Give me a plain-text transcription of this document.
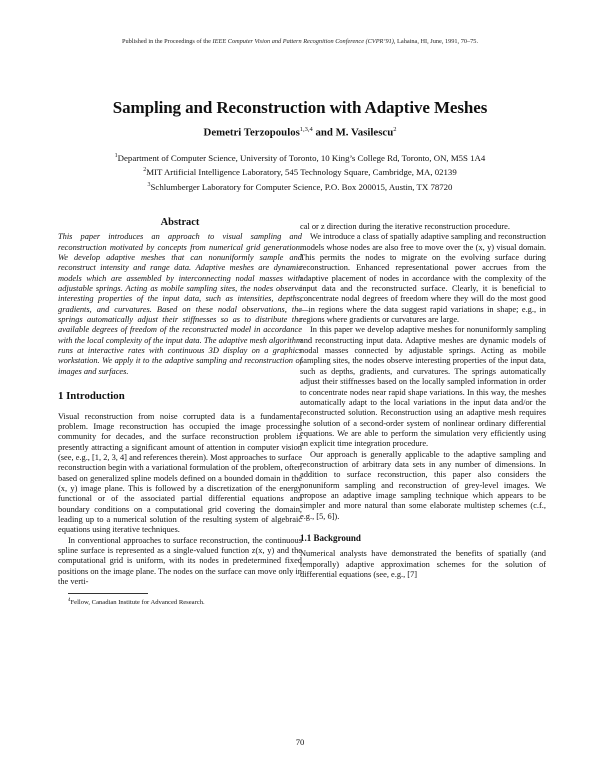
Published in the Proceedings of the IEEE Computer Vision and Pattern Recognition Conference (CVPR’91), Lahaina, HI, June, 1991, 70–75.
Sampling and Reconstruction with Adaptive Meshes
Demetri Terzopoulos$^{1,3,4}$ and M. Vasilescu$^2$
$^1$Department of Computer Science, University of Toronto, 10 King’s College Rd, Toronto, ON, M5S 1A4
$^2$MIT Artificial Intelligence Laboratory, 545 Technology Square, Cambridge, MA, 02139
$^3$Schlumberger Laboratory for Computer Science, P.O. Box 200015, Austin, TX 78720
Abstract

This paper introduces an approach to visual sampling and reconstruction motivated by concepts from numerical grid generation. We develop adaptive meshes that can nonuniformly sample and reconstruct intensity and range data. Adaptive meshes are dynamic models which are assembled by interconnecting nodal masses with adjustable springs. Acting as mobile sampling sites, the nodes observe interesting properties of the input data, such as intensities, depths, gradients, and curvatures. Based on these nodal observations, the springs automatically adjust their stiffnesses so as to distribute the available degrees of freedom of the reconstructed model in accordance with the local complexity of the input data. The adaptive mesh algorithm runs at interactive rates with continuous 3D display on a graphics workstation. We apply it to the adaptive sampling and reconstruction of images and surfaces.

1 Introduction

Visual reconstruction from noise corrupted data is a fundamental problem. Image reconstruction has occupied the image processing community for decades, and the surface reconstruction problem is presently attracting a significant amount of attention in computer vision (see, e.g., [1, 2, 3, 4] and references therein). Most approaches to surface reconstruction begin with a variational formulation of the problem, often based on generalized spline models defined on a bounded domain in the (x, y) image plane. This is followed by a discretization of the energy functional or of the associated partial differential equations and boundary conditions on a computational grid covering the domain, leading up to a numerical solution of the resulting system of algebraic equations using iterative techniques.

In conventional approaches to surface reconstruction, the continuous spline surface is represented as a single-valued function z(x, y) and the computational grid is uniform, with its nodes in predetermined fixed positions on the image plane. The nodes on the surface can move only in the verti-

$^4$Fellow, Canadian Institute for Advanced Research.

cal or z direction during the iterative reconstruction procedure.

We introduce a class of spatially adaptive sampling and reconstruction models whose nodes are also free to move over the (x, y) visual domain. This permits the nodes to migrate on the evolving surface during reconstruction. Enhanced representational power accrues from the adaptive placement of nodes in accordance with the complexity of the input data and the reconstructed surface. Clearly, it is beneficial to concentrate nodal degrees of freedom where they will do the most good—in regions where the data suggest rapid variations in shape; e.g., in regions where gradients or curvatures are large.

In this paper we develop adaptive meshes for nonuniformly sampling and reconstructing input data. Adaptive meshes are dynamic models of nodal masses connected by adjustable springs. Acting as mobile sampling sites, the nodes observe interesting properties of the input data, such as depths, gradients, and curvatures. The springs automatically adjust their stiffnesses based on the locally sampled information in order to concentrate nodes near rapid shape variations. In this way, the meshes automatically adapt to the local variations in the input data and/or the reconstructed solution. Reconstruction using an adaptive mesh requires the solution of a second-order system of nonlinear ordinary differential equations. We are able to perform the simulation very efficiently using an explicit time integration procedure.

Our approach is generally applicable to the adaptive sampling and reconstruction of arbitrary data sets in any number of dimensions. In addition to surface reconstruction, this paper also considers the nonuniform sampling and reconstruction of grey-level images. We propose an adaptive image sampling technique which appears to be simpler and more natural than some elaborate multistep schemes (c.f., e.g., [5, 6]).

1.1 Background

Numerical analysts have demonstrated the benefits of spatially (and temporally) adaptive approximation schemes for the solution of differential equations (see, e.g., [7]

70
